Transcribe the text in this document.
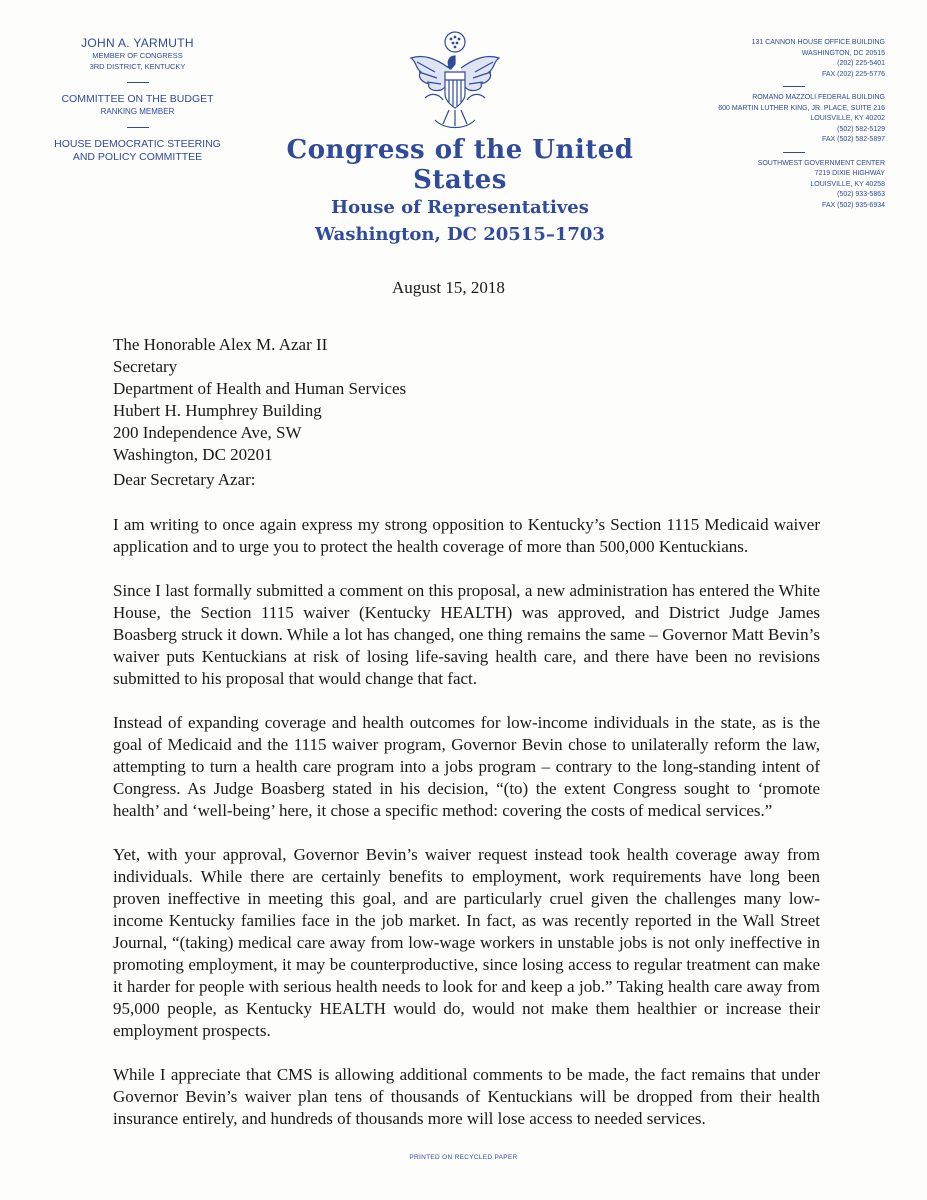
JOHN A. YARMUTH
MEMBER OF CONGRESS
3RD DISTRICT, KENTUCKY
COMMITTEE ON THE BUDGET
RANKING MEMBER
HOUSE DEMOCRATIC STEERING
AND POLICY COMMITTEE
131 CANNON HOUSE OFFICE BUILDING
WASHINGTON, DC 20515
(202) 225-5401
FAX (202) 225-5776
ROMANO MAZZOLI FEDERAL BUILDING
600 MARTIN LUTHER KING, JR. PLACE, SUITE 216
LOUISVILLE, KY 40202
(502) 582-5129
FAX (502) 582-5897
SOUTHWEST GOVERNMENT CENTER
7219 DIXIE HIGHWAY
LOUISVILLE, KY 40258
(502) 933-5863
FAX (502) 935-6934
Congress of the United States
House of Representatives
Washington, DC 20515–1703
August 15, 2018
The Honorable Alex M. Azar II
Secretary
Department of Health and Human Services
Hubert H. Humphrey Building
200 Independence Ave, SW
Washington, DC 20201
Dear Secretary Azar:

I am writing to once again express my strong opposition to Kentucky’s Section 1115 Medicaid waiver application and to urge you to protect the health coverage of more than 500,000 Kentuckians.

Since I last formally submitted a comment on this proposal, a new administration has entered the White House, the Section 1115 waiver (Kentucky HEALTH) was approved, and District Judge James Boasberg struck it down. While a lot has changed, one thing remains the same – Governor Matt Bevin’s waiver puts Kentuckians at risk of losing life-saving health care, and there have been no revisions submitted to his proposal that would change that fact.

Instead of expanding coverage and health outcomes for low-income individuals in the state, as is the goal of Medicaid and the 1115 waiver program, Governor Bevin chose to unilaterally reform the law, attempting to turn a health care program into a jobs program – contrary to the long-standing intent of Congress. As Judge Boasberg stated in his decision, “(to) the extent Congress sought to ‘promote health’ and ‘well-being’ here, it chose a specific method: covering the costs of medical services.”

Yet, with your approval, Governor Bevin’s waiver request instead took health coverage away from individuals. While there are certainly benefits to employment, work requirements have long been proven ineffective in meeting this goal, and are particularly cruel given the challenges many low-income Kentucky families face in the job market. In fact, as was recently reported in the Wall Street Journal, “(taking) medical care away from low-wage workers in unstable jobs is not only ineffective in promoting employment, it may be counterproductive, since losing access to regular treatment can make it harder for people with serious health needs to look for and keep a job.” Taking health care away from 95,000 people, as Kentucky HEALTH would do, would not make them healthier or increase their employment prospects.

While I appreciate that CMS is allowing additional comments to be made, the fact remains that under Governor Bevin’s waiver plan tens of thousands of Kentuckians will be dropped from their health insurance entirely, and hundreds of thousands more will lose access to needed services.

PRINTED ON RECYCLED PAPER
